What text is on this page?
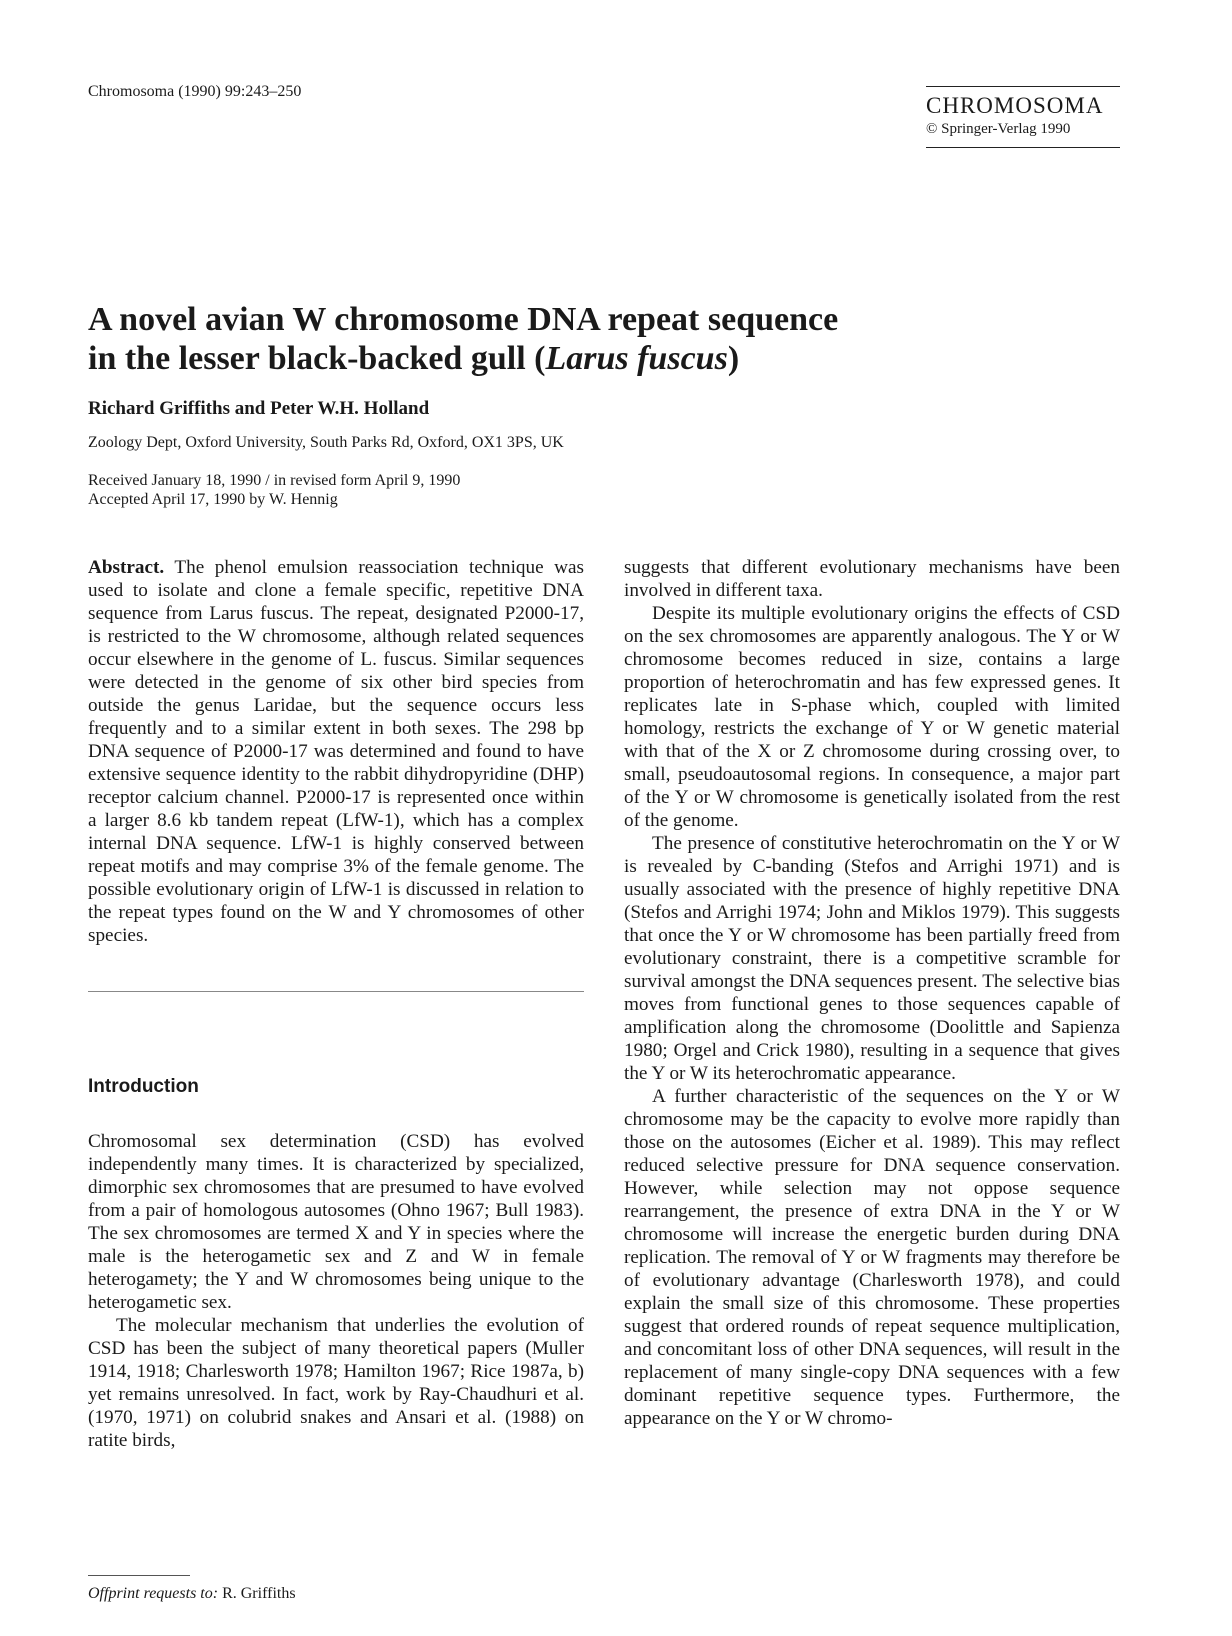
Chromosoma (1990) 99:243–250
CHROMOSOMA
© Springer-Verlag 1990
A novel avian W chromosome DNA repeat sequence
in the lesser black-backed gull (Larus fuscus)
Richard Griffiths and Peter W.H. Holland
Zoology Dept, Oxford University, South Parks Rd, Oxford, OX1 3PS, UK
Received January 18, 1990 / in revised form April 9, 1990
Accepted April 17, 1990 by W. Hennig

Abstract. The phenol emulsion reassociation technique was used to isolate and clone a female specific, repetitive DNA sequence from Larus fuscus. The repeat, designated P2000-17, is restricted to the W chromosome, although related sequences occur elsewhere in the genome of L. fuscus. Similar sequences were detected in the genome of six other bird species from outside the genus Laridae, but the sequence occurs less frequently and to a similar extent in both sexes. The 298 bp DNA sequence of P2000-17 was determined and found to have extensive sequence identity to the rabbit dihydropyridine (DHP) receptor calcium channel. P2000-17 is represented once within a larger 8.6 kb tandem repeat (LfW-1), which has a complex internal DNA sequence. LfW-1 is highly conserved between repeat motifs and may comprise 3% of the female genome. The possible evolutionary origin of LfW-1 is discussed in relation to the repeat types found on the W and Y chromosomes of other species.

Introduction

Chromosomal sex determination (CSD) has evolved independently many times. It is characterized by specialized, dimorphic sex chromosomes that are presumed to have evolved from a pair of homologous autosomes (Ohno 1967; Bull 1983). The sex chromosomes are termed X and Y in species where the male is the heterogametic sex and Z and W in female heterogamety; the Y and W chromosomes being unique to the heterogametic sex.

The molecular mechanism that underlies the evolution of CSD has been the subject of many theoretical papers (Muller 1914, 1918; Charlesworth 1978; Hamilton 1967; Rice 1987a, b) yet remains unresolved. In fact, work by Ray-Chaudhuri et al. (1970, 1971) on colubrid snakes and Ansari et al. (1988) on ratite birds,

Offprint requests to: R. Griffiths

suggests that different evolutionary mechanisms have been involved in different taxa.

Despite its multiple evolutionary origins the effects of CSD on the sex chromosomes are apparently analogous. The Y or W chromosome becomes reduced in size, contains a large proportion of heterochromatin and has few expressed genes. It replicates late in S-phase which, coupled with limited homology, restricts the exchange of Y or W genetic material with that of the X or Z chromosome during crossing over, to small, pseudoautosomal regions. In consequence, a major part of the Y or W chromosome is genetically isolated from the rest of the genome.

The presence of constitutive heterochromatin on the Y or W is revealed by C-banding (Stefos and Arrighi 1971) and is usually associated with the presence of highly repetitive DNA (Stefos and Arrighi 1974; John and Miklos 1979). This suggests that once the Y or W chromosome has been partially freed from evolutionary constraint, there is a competitive scramble for survival amongst the DNA sequences present. The selective bias moves from functional genes to those sequences capable of amplification along the chromosome (Doolittle and Sapienza 1980; Orgel and Crick 1980), resulting in a sequence that gives the Y or W its heterochromatic appearance.

A further characteristic of the sequences on the Y or W chromosome may be the capacity to evolve more rapidly than those on the autosomes (Eicher et al. 1989). This may reflect reduced selective pressure for DNA sequence conservation. However, while selection may not oppose sequence rearrangement, the presence of extra DNA in the Y or W chromosome will increase the energetic burden during DNA replication. The removal of Y or W fragments may therefore be of evolutionary advantage (Charlesworth 1978), and could explain the small size of this chromosome. These properties suggest that ordered rounds of repeat sequence multiplication, and concomitant loss of other DNA sequences, will result in the replacement of many single-copy DNA sequences with a few dominant repetitive sequence types. Furthermore, the appearance on the Y or W chromo-
